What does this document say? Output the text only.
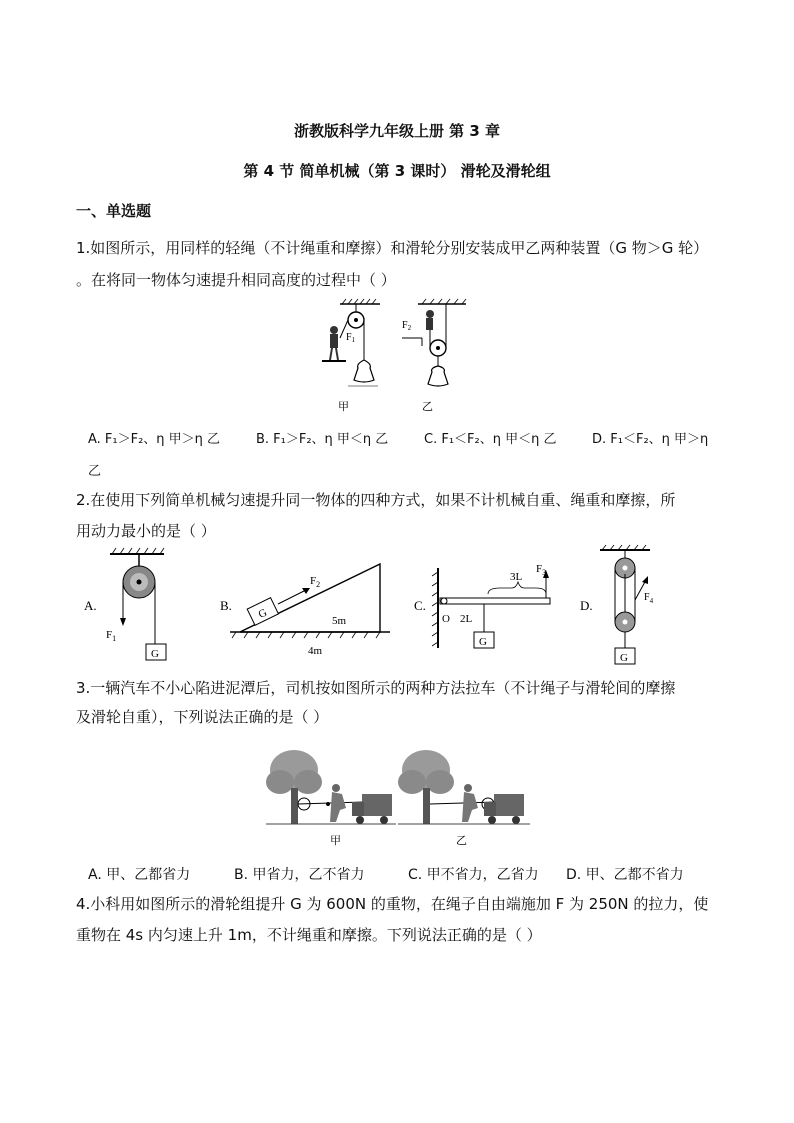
浙教版科学九年级上册 第 3 章
第 4 节 简单机械（第 3 课时） 滑轮及滑轮组
一、单选题
1.如图所示，用同样的轻绳（不计绳重和摩擦）和滑轮分别安装成甲乙两种装置（G 物＞G 轮）
。在将同一物体匀速提升相同高度的过程中（ ）
$F_1$
甲
$F_2$
乙
A. F₁＞F₂、η 甲＞η 乙	B. F₁＞F₂、η 甲＜η 乙	C. F₁＜F₂、η 甲＜η 乙	D. F₁＜F₂、η 甲＞η
乙
2.在使用下列简单机械匀速提升同一物体的四种方式，如果不计机械自重、绳重和摩擦，所
用动力最小的是（ ）
A.
G
$F_1$
B.
G
$F_2$
5m
4m
C.
$F_3$
3L
G
O 2L
D.
$F_4$
G
3.一辆汽车不小心陷进泥潭后，司机按如图所示的两种方法拉车（不计绳子与滑轮间的摩擦
及滑轮自重），下列说法正确的是（ ）
甲	乙
A. 甲、乙都省力	B. 甲省力，乙不省力	C. 甲不省力，乙省力 D. 甲、乙都不省力
4.小科用如图所示的滑轮组提升 G 为 600N 的重物，在绳子自由端施加 F 为 250N 的拉力，使
重物在 4s 内匀速上升 1m，不计绳重和摩擦。下列说法正确的是（ ）
